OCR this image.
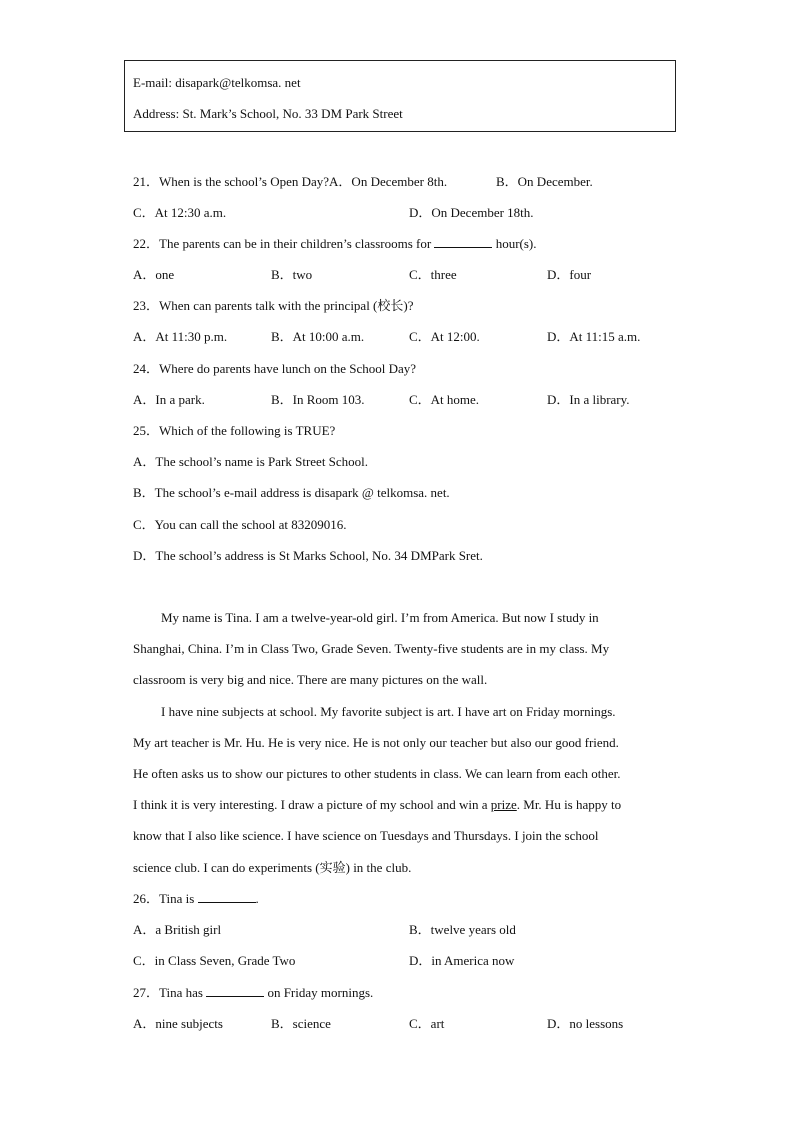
E-mail: disapark@telkomsa. net
Address: St. Mark’s School, No. 33 DM Park Street
21．When is the school’s Open Day?A．On December 8th.	B．On December.
C．At 12:30 a.m.	D．On December 18th.
22．The parents can be in their children’s classrooms for	hour(s).
A．one	B．two	C．three	D．four
23．When can parents talk with the principal (校长)?
A．At 11:30 p.m.	B．At 10:00 a.m.	C．At 12:00.	D．At 11:15 a.m.
24．Where do parents have lunch on the School Day?
A．In a park.	B．In Room 103.	C．At home.	D．In a library.
25．Which of the following is TRUE?
A．The school’s name is Park Street School.
B．The school’s e-mail address is disapark @ telkomsa. net.
C．You can call the school at 83209016.
D．The school’s address is St Marks School, No. 34 DMPark Sret.
My name is Tina. I am a twelve-year-old girl. I’m from America. But now I study in
Shanghai, China. I’m in Class Two, Grade Seven. Twenty-five students are in my class. My
classroom is very big and nice. There are many pictures on the wall.
I have nine subjects at school. My favorite subject is art. I have art on Friday mornings.
My art teacher is Mr. Hu. He is very nice. He is not only our teacher but also our good friend.
He often asks us to show our pictures to other students in class. We can learn from each other.
I think it is very interesting. I draw a picture of my school and win a prize. Mr. Hu is happy to
know that I also like science. I have science on Tuesdays and Thursdays. I join the school
science club. I can do experiments (实验) in the club.
26．Tina is	.
A．a British girl	B．twelve years old
C．in Class Seven, Grade Two	D．in America now
27．Tina has	on Friday mornings.
A．nine subjects	B．science	C．art	D．no lessons
